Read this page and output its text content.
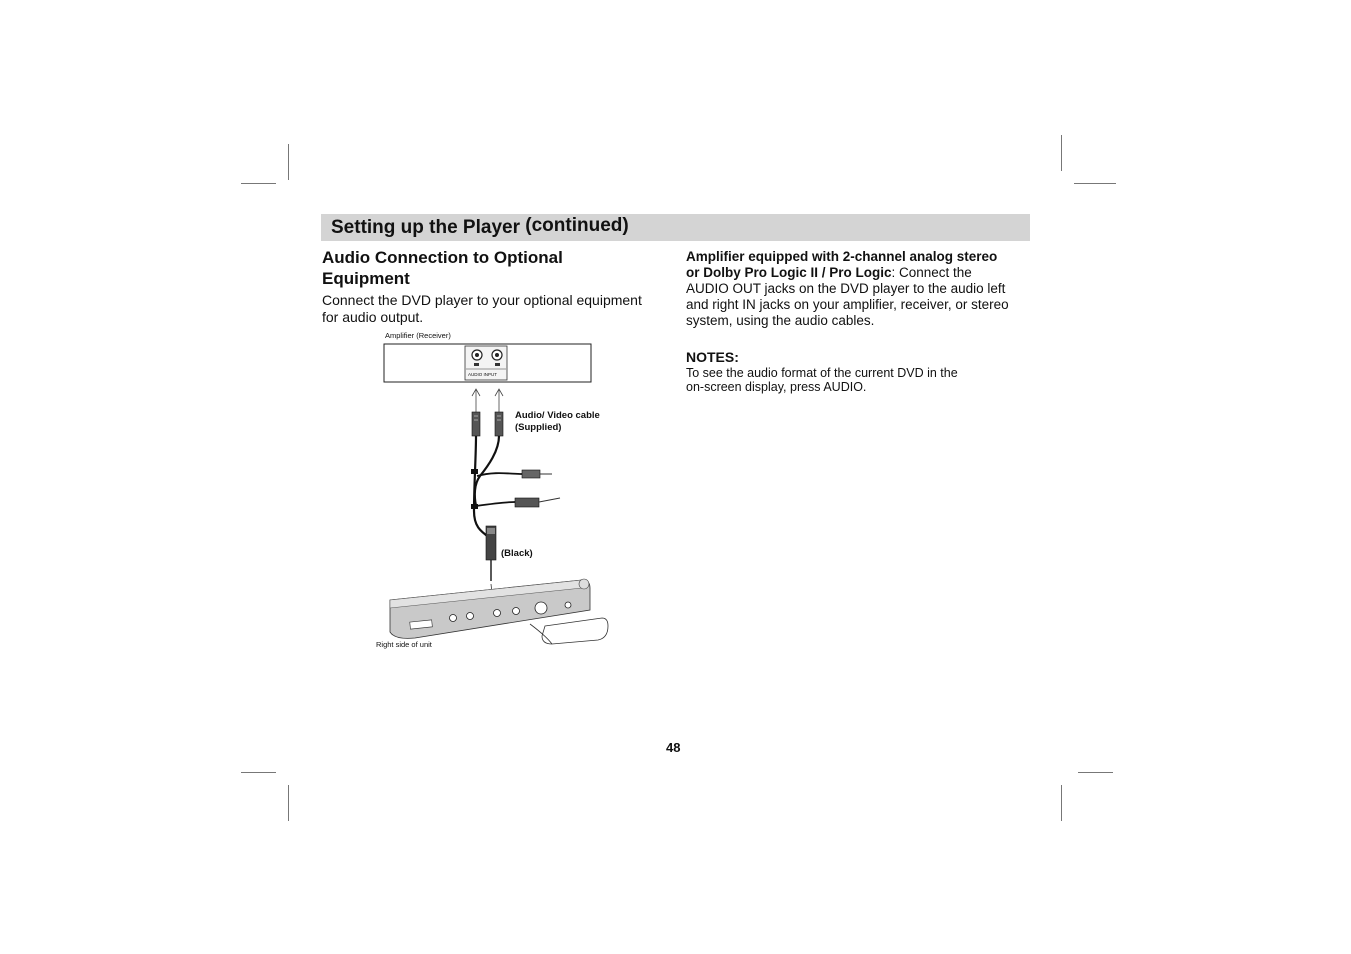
Setting up the Player (continued)
Audio Connection to Optional
Equipment
Connect the DVD player to your optional equipment
for audio output.
Amplifier (Receiver)
AUDIO INPUT
Audio/ Video cable
(Supplied)
(Black)
Right side of unit
Amplifier equipped with 2-channel analog stereo
or Dolby Pro Logic II / Pro Logic: Connect the
AUDIO OUT jacks on the DVD player to the audio left
and right IN jacks on your amplifier, receiver, or stereo
system, using the audio cables.
NOTES:
To see the audio format of the current DVD in the
on-screen display, press AUDIO.
48
